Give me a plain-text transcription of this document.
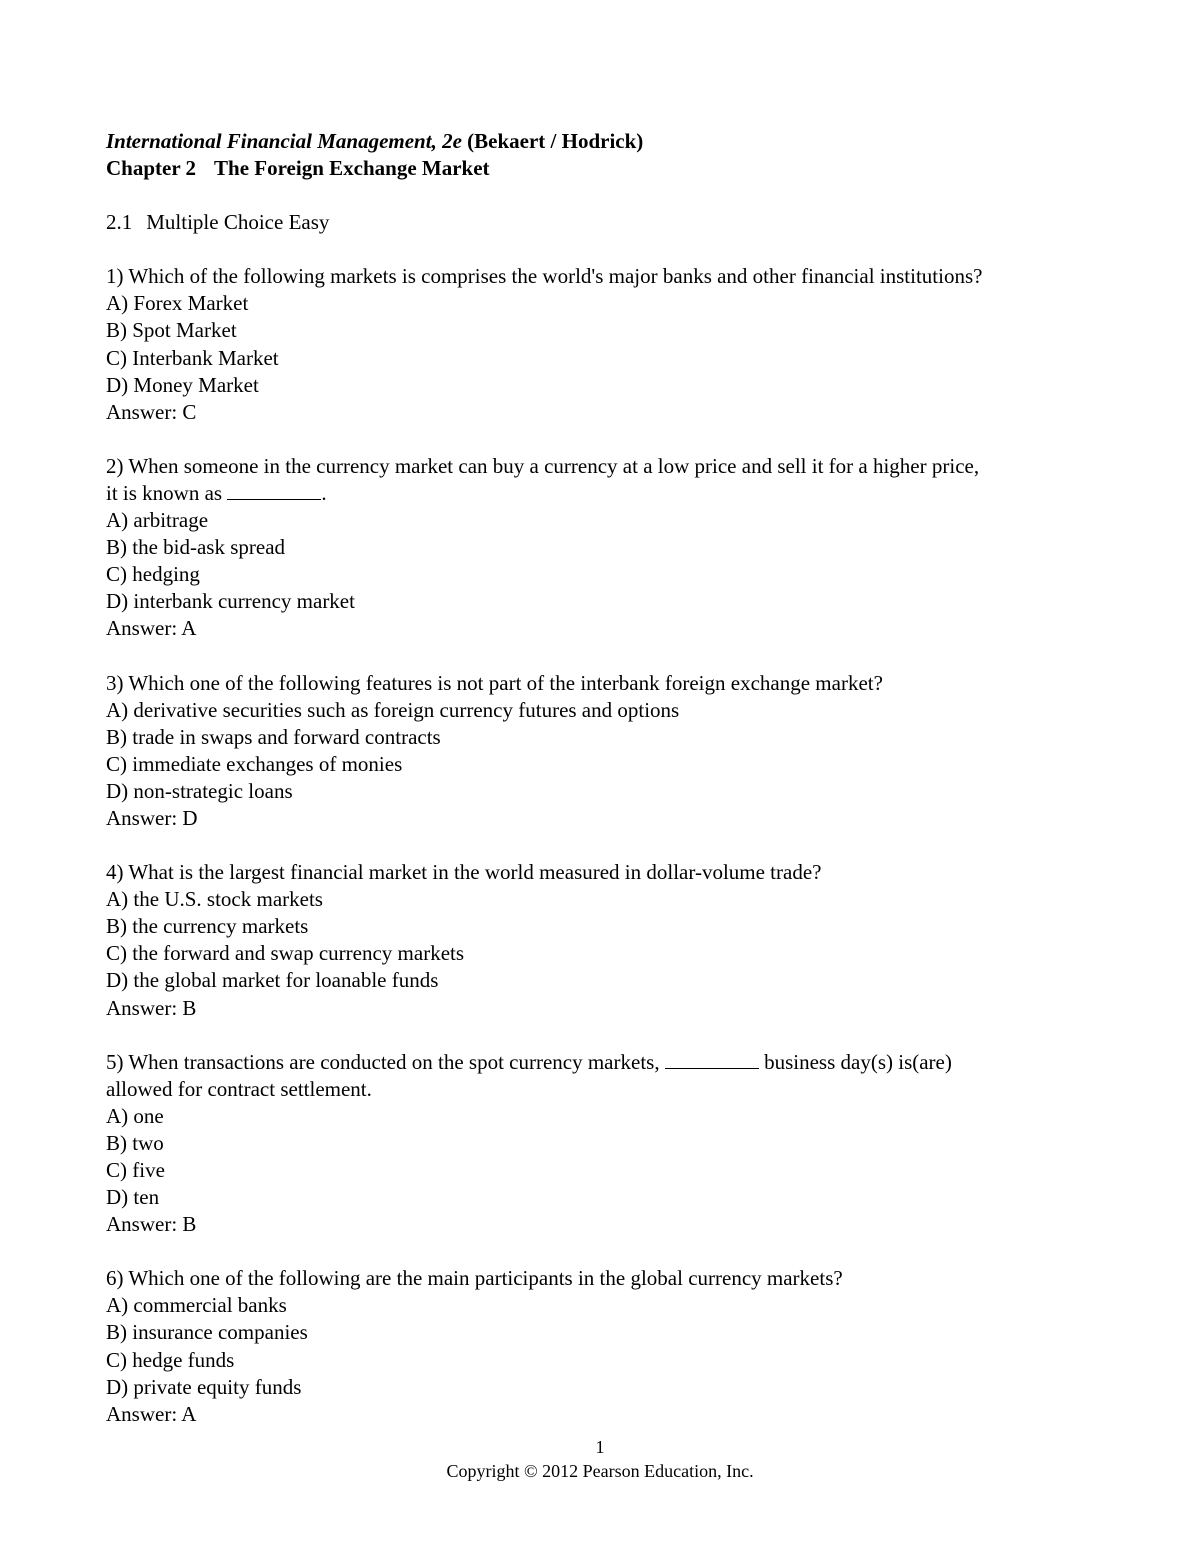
International Financial Management, 2e (Bekaert / Hodrick)
Chapter 2 The Foreign Exchange Market
2.1 Multiple Choice Easy
1) Which of the following markets is comprises the world's major banks and other financial institutions?
A) Forex Market
B) Spot Market
C) Interbank Market
D) Money Market
Answer: C
2) When someone in the currency market can buy a currency at a low price and sell it for a higher price,
it is known as	.
A) arbitrage
B) the bid-ask spread
C) hedging
D) interbank currency market
Answer: A
3) Which one of the following features is not part of the interbank foreign exchange market?
A) derivative securities such as foreign currency futures and options
B) trade in swaps and forward contracts
C) immediate exchanges of monies
D) non-strategic loans
Answer: D
4) What is the largest financial market in the world measured in dollar-volume trade?
A) the U.S. stock markets
B) the currency markets
C) the forward and swap currency markets
D) the global market for loanable funds
Answer: B
5) When transactions are conducted on the spot currency markets,	business day(s) is(are)
allowed for contract settlement.
A) one
B) two
C) five
D) ten
Answer: B
6) Which one of the following are the main participants in the global currency markets?
A) commercial banks
B) insurance companies
C) hedge funds
D) private equity funds
Answer: A
1
Copyright © 2012 Pearson Education, Inc.
